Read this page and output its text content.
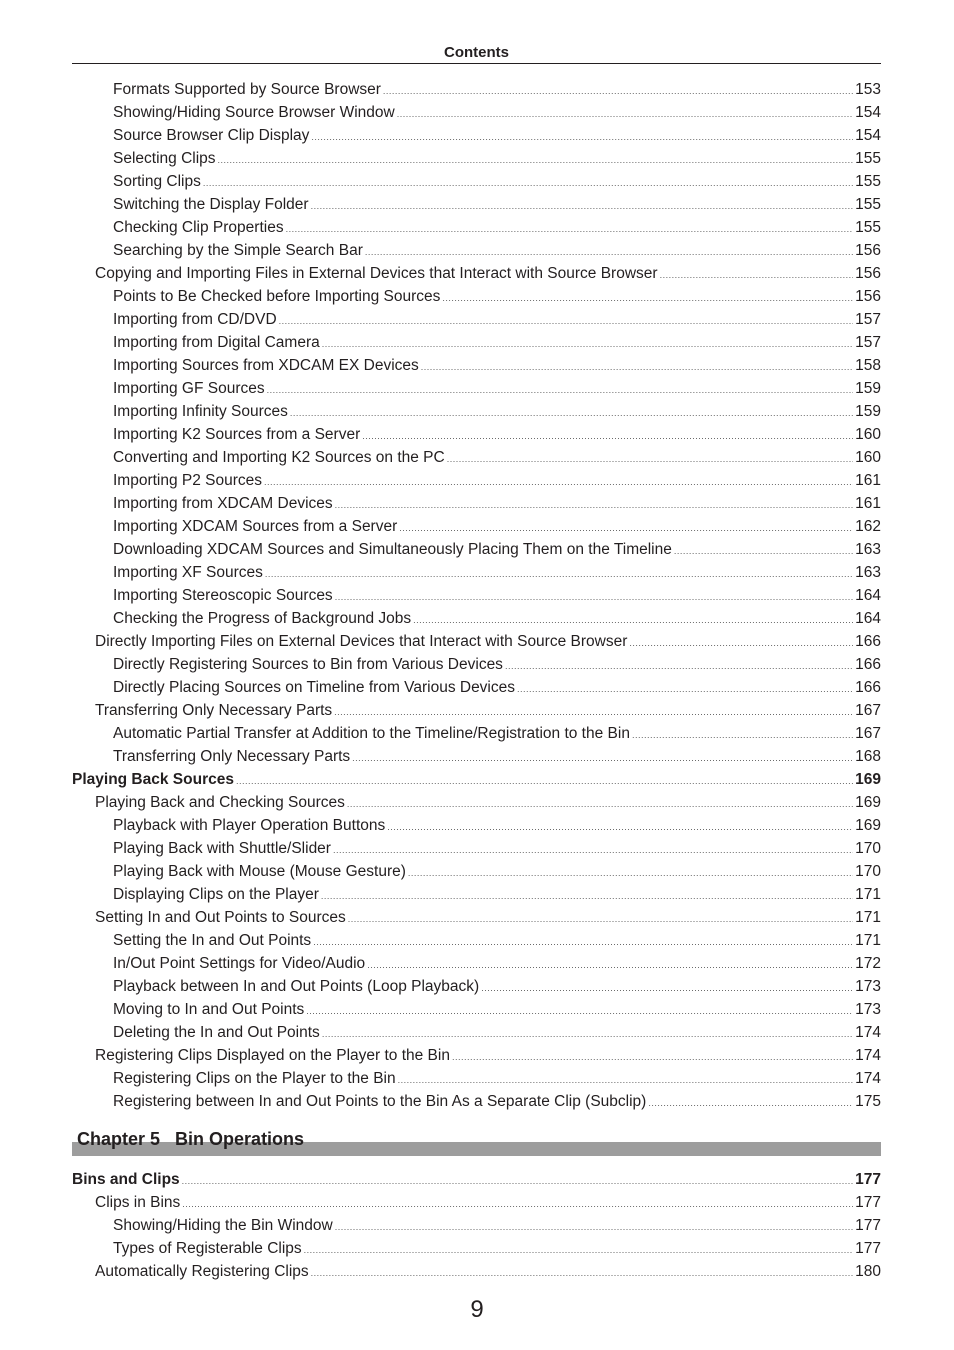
Contents
Formats Supported by Source Browser .....	153
Showing/Hiding Source Browser Window .....	154
Source Browser Clip Display .....	154
Selecting Clips .....	155
Sorting Clips .....	155
Switching the Display Folder .....	155
Checking Clip Properties .....	155
Searching by the Simple Search Bar .....	156
Copying and Importing Files in External Devices that Interact with Source Browser .....	156
Points to Be Checked before Importing Sources .....	156
Importing from CD/DVD .....	157
Importing from Digital Camera .....	157
Importing Sources from XDCAM EX Devices .....	158
Importing GF Sources .....	159
Importing Infinity Sources .....	159
Importing K2 Sources from a Server .....	160
Converting and Importing K2 Sources on the PC .....	160
Importing P2 Sources .....	161
Importing from XDCAM Devices .....	161
Importing XDCAM Sources from a Server .....	162
Downloading XDCAM Sources and Simultaneously Placing Them on the Timeline .....	163
Importing XF Sources .....	163
Importing Stereoscopic Sources .....	164
Checking the Progress of Background Jobs .....	164
Directly Importing Files on External Devices that Interact with Source Browser .....	166
Directly Registering Sources to Bin from Various Devices .....	166
Directly Placing Sources on Timeline from Various Devices .....	166
Transferring Only Necessary Parts .....	167
Automatic Partial Transfer at Addition to the Timeline/Registration to the Bin .....	167
Transferring Only Necessary Parts .....	168
Playing Back Sources .....	169
Playing Back and Checking Sources .....	169
Playback with Player Operation Buttons .....	169
Playing Back with Shuttle/Slider .....	170
Playing Back with Mouse (Mouse Gesture) .....	170
Displaying Clips on the Player .....	171
Setting In and Out Points to Sources .....	171
Setting the In and Out Points .....	171
In/Out Point Settings for Video/Audio .....	172
Playback between In and Out Points (Loop Playback) .....	173
Moving to In and Out Points .....	173
Deleting the In and Out Points .....	174
Registering Clips Displayed on the Player to the Bin .....	174
Registering Clips on the Player to the Bin .....	174
Registering between In and Out Points to the Bin As a Separate Clip (Subclip) .....	175
Chapter 5 Bin Operations
Bins and Clips .....	177
Clips in Bins .....	177
Showing/Hiding the Bin Window .....	177
Types of Registerable Clips .....	177
Automatically Registering Clips .....	180
9
